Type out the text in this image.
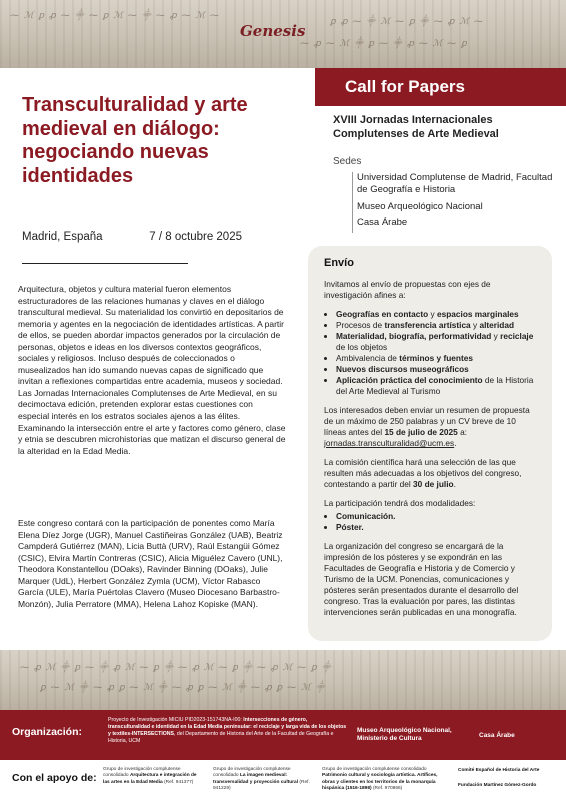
⁓ ℳ ꝑ ꝓ ⁓ ⸎ ⁓ ꝑ ℳ ⁓ ⸎ ⁓ ꝓ ⁓ ℳ ⁓
ꝑ ꝓ ⁓ ⸎ ℳ ⁓ ꝑ ⸎ ⁓ ꝓ ℳ ⁓
⁓ ꝓ ⁓ ℳ ⸎ ꝑ ⁓ ⸎ ꝓ ⁓ ℳ ⁓ ꝑ
Genesis
Call for Papers
Transculturalidad y arte medieval en diálogo: negociando nuevas identidades
Madrid, España	7 / 8 octubre 2025
Arquitectura, objetos y cultura material fueron elementos estructuradores de las relaciones humanas y claves en el diálogo transcultural medieval. Su materialidad los convirtió en depositarios de memoria y agentes en la negociación de identidades artísticas. A partir de ellos, se pueden abordar impactos generados por la circulación de personas, objetos e ideas en los diversos contextos geográficos, sociales y religiosos. Incluso después de coleccionados o musealizados han ido sumando nuevas capas de significado que invitan a reflexiones compartidas entre academia, museos y sociedad. Las Jornadas Internacionales Complutenses de Arte Medieval, en su decimoctava edición, pretenden explorar estas cuestiones con especial interés en los estratos sociales ajenos a las élites. Examinando la intersección entre el arte y factores como género, clase y etnia se descubren microhistorias que matizan el discurso general de la alteridad en la Edad Media.
Este congreso contará con la participación de ponentes como María Elena Díez Jorge (UGR), Manuel Castiñeiras González (UAB), Beatriz Campderá Gutiérrez (MAN), Licia Buttà (URV), Raúl Estangüi Gómez (CSIC), Elvira Martín Contreras (CSIC), Alicia Miguélez Cavero (UNL), Theodora Konstantellou (DOaks), Ravinder Binning (DOaks), Julie Marquer (UdL), Herbert González Zymla (UCM), Víctor Rabasco García (ULE), María Puértolas Clavero (Museo Diocesano Barbastro-Monzón), Julia Perratore (MMA), Helena Lahoz Kopiske (MAN).
XVIII Jornadas Internacionales Complutenses de Arte Medieval
Sedes
Universidad Complutense de Madrid, Facultad de Geografía e Historia
Museo Arqueológico Nacional
Casa Árabe
Envío

Invitamos al envío de propuestas con ejes de investigación afines a:

• Geografías en contacto y espacios marginales
• Procesos de transferencia artística y alteridad
• Materialidad, biografía, performatividad y reciclaje de los objetos
• Ambivalencia de términos y fuentes
• Nuevos discursos museográficos
• Aplicación práctica del conocimiento de la Historia del Arte Medieval al Turismo

Los interesados deben enviar un resumen de propuesta de un máximo de 250 palabras y un CV breve de 10 líneas antes del 15 de julio de 2025 a: jornadas.transculturalidad@ucm.es.

La comisión científica hará una selección de las que resulten más adecuadas a los objetivos del congreso, contestando a partir del 30 de julio.

La participación tendrá dos modalidades:

• Comunicación.
• Póster.

La organización del congreso se encargará de la impresión de los pósteres y se expondrán en las Facultades de Geografía e Historia y de Comercio y Turismo de la UCM. Ponencias, comunicaciones y pósteres serán presentados durante el desarrollo del congreso. Tras la evaluación por pares, las distintas intervenciones serán publicadas en una monografía.

⁓ ꝓ ℳ ⸎ ꝑ ⁓ ⸎ ꝓ ℳ ⁓ ꝑ ⸎ ⁓ ꝓ ℳ ⁓ ꝑ ⸎ ⁓ ꝓ ℳ ⁓ ꝑ ⸎
ꝑ ⁓ ℳ ⸎ ⁓ ꝓ ꝑ ⁓ ℳ ⸎ ⁓ ꝓ ꝑ ⁓ ℳ ⸎ ⁓ ꝓ ꝑ ⁓ ℳ ⸎
Organización:
Proyecto de Investigación MICIU PID2023-151743NA-I00: Intersecciones de género, transculturalidad e identidad en la Edad Media peninsular: el reciclaje y larga vida de los objetos y textiles-INTERSECTIONS, del Departamento de Historia del Arte de la Facultad de Geografía e Historia, UCM
Museo Arqueológico Nacional, Ministerio de Cultura	Casa Árabe
Con el apoyo de:
Grupo de investigación complutense consolidado Arquitectura e integración de las artes en la Edad Media (Ref. 941377)
Grupo de investigación complutense consolidado La imagen medieval: transversalidad y proyección cultural (Ref. 941229)
Grupo de investigación complutense consolidado Patrimonio cultural y sociología artística. Artífices, obras y clientes en los territorios de la monarquía hispánica (1516-1898) (Ref. 970866)
Comité Español de Historia del Arte
Fundación Martínez Gómez-Gordo
